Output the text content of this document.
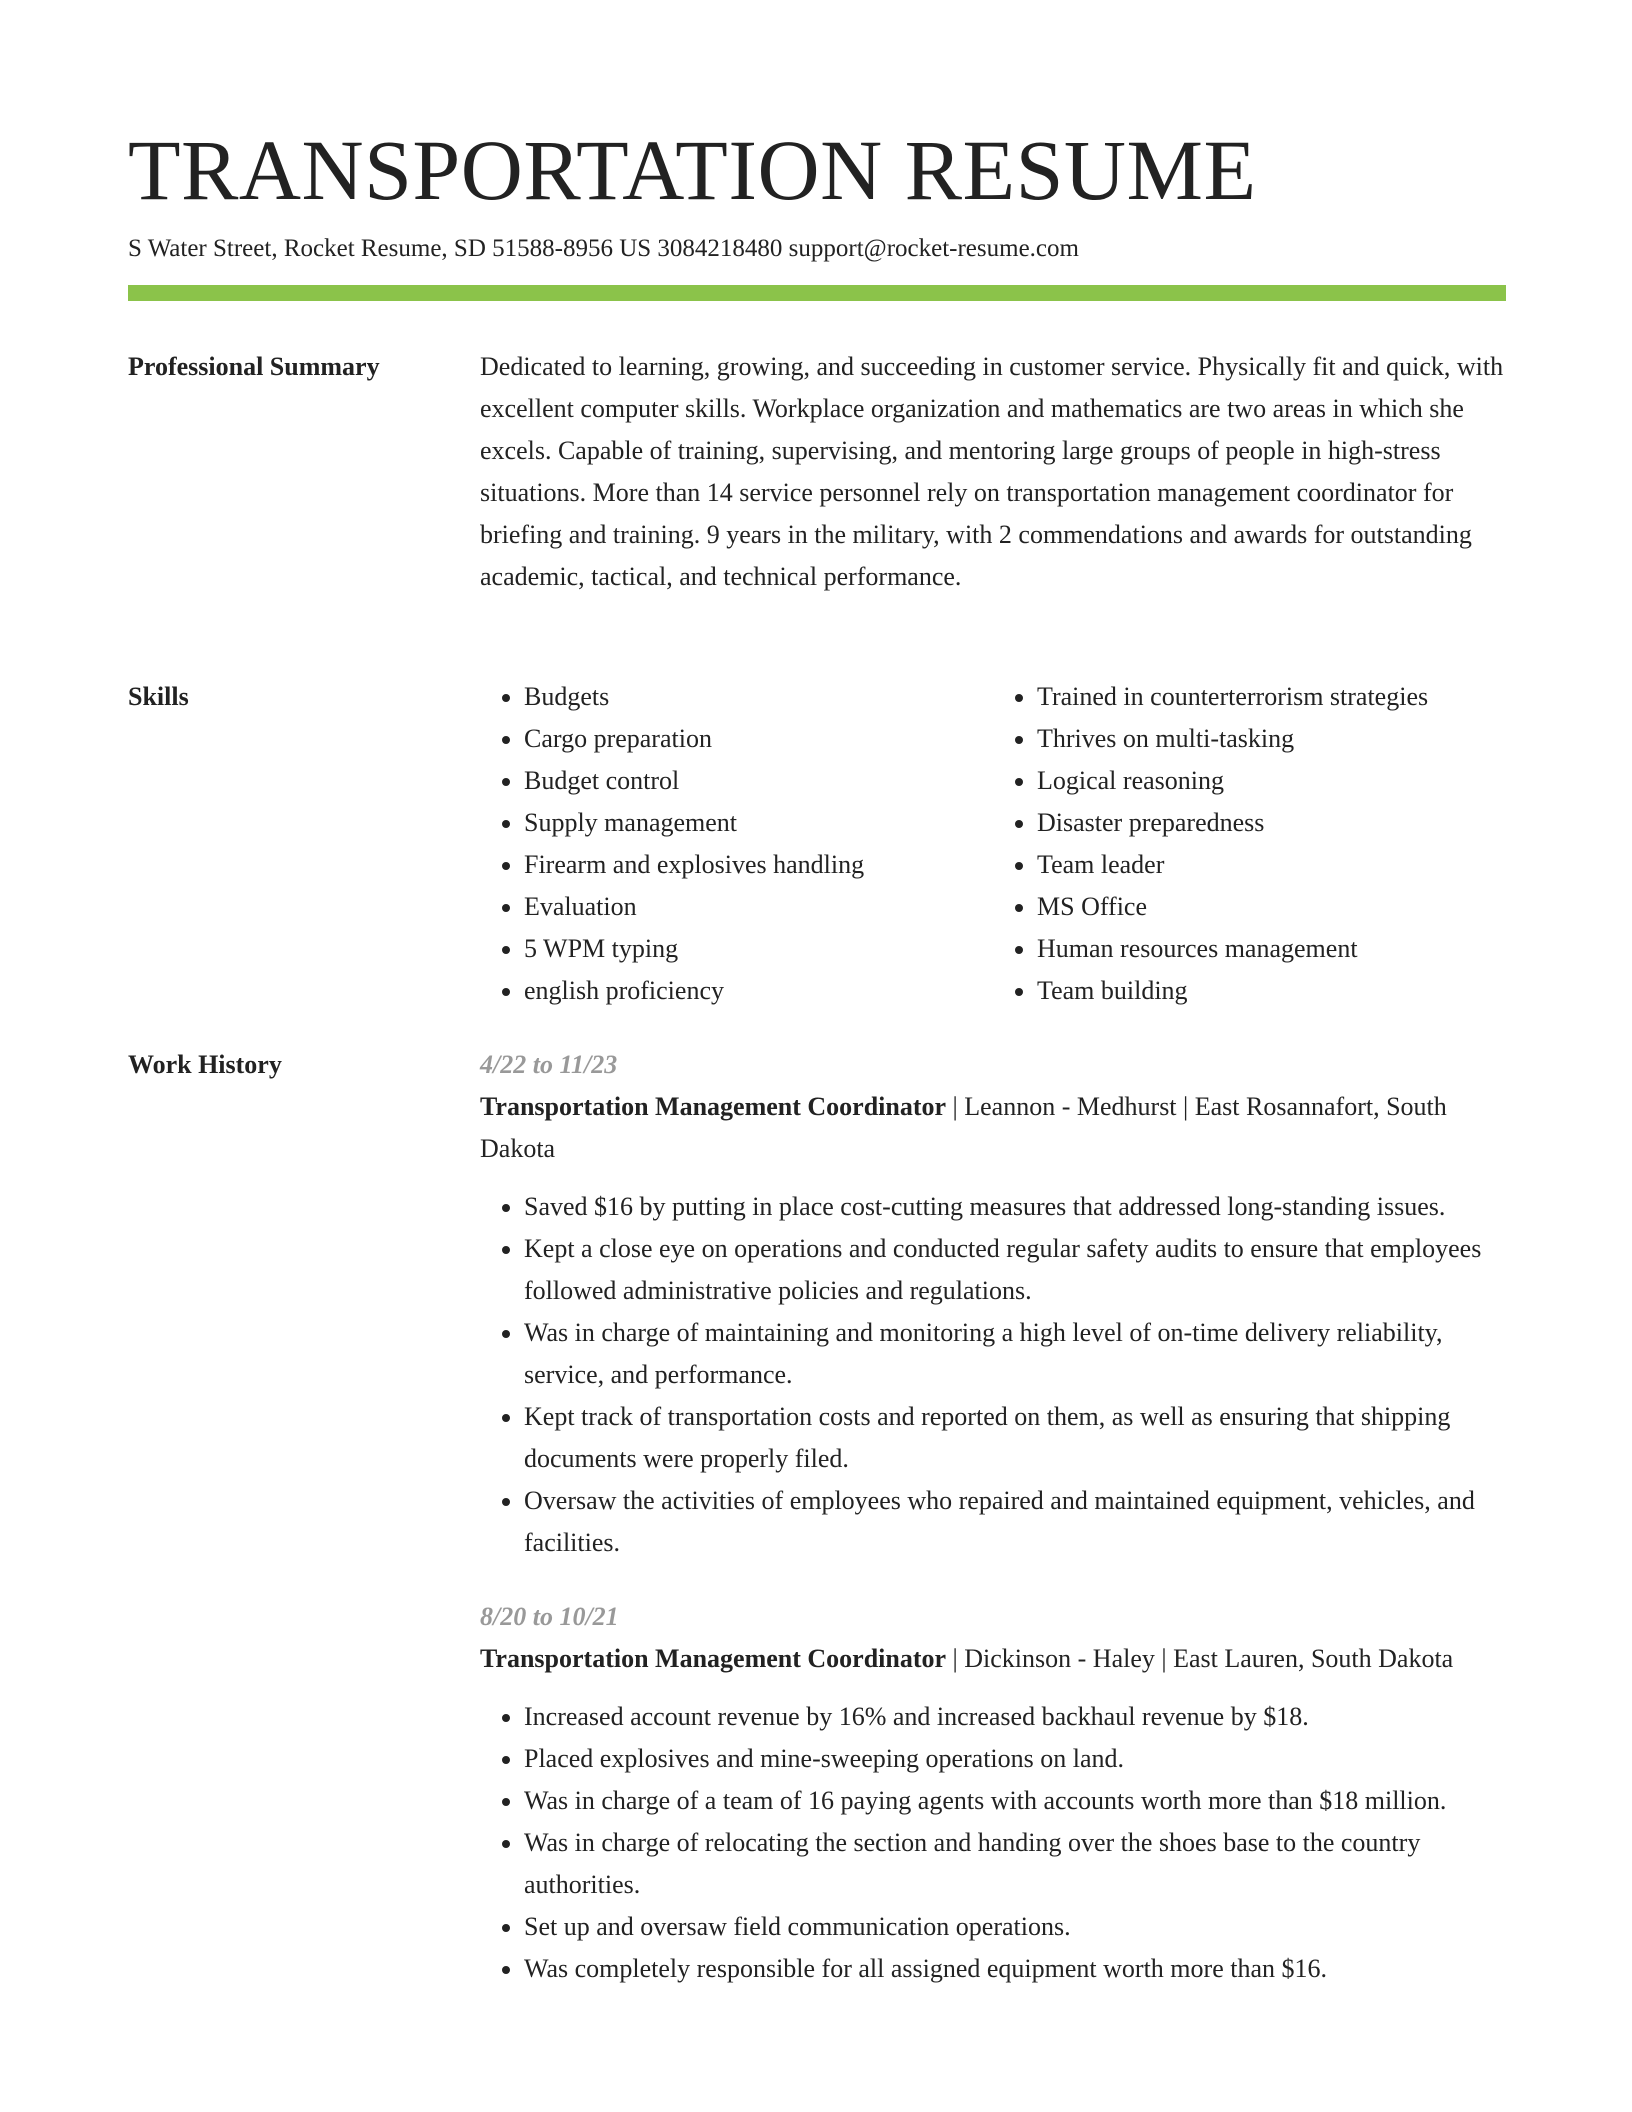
TRANSPORTATION RESUME
S Water Street, Rocket Resume, SD 51588-8956 US 3084218480 support@rocket-resume.com
Professional Summary	Dedicated to learning, growing, and succeeding in customer service. Physically fit and quick, with excellent computer skills. Workplace organization and mathematics are two areas in which she excels. Capable of training, supervising, and mentoring large groups of people in high-stress situations. More than 14 service personnel rely on transportation management coordinator for briefing and training. 9 years in the military, with 2 commendations and awards for outstanding academic, tactical, and technical performance.

Skills
•	Budgets
• Cargo preparation
• Budget control
• Supply management
• Firearm and explosives handling
• Evaluation
• 5 WPM typing
• english proficiency
• Trained in counterterrorism strategies
• Thrives on multi-tasking
• Logical reasoning
• Disaster preparedness
• Team leader
• MS Office
• Human resources management
• Team building
Work History	4/22 to 11/23
Transportation Management Coordinator | Leannon - Medhurst | East Rosannafort, South Dakota
• Saved $16 by putting in place cost-cutting measures that addressed long-standing issues.
• Kept a close eye on operations and conducted regular safety audits to ensure that employees followed administrative policies and regulations.
• Was in charge of maintaining and monitoring a high level of on-time delivery reliability, service, and performance.
• Kept track of transportation costs and reported on them, as well as ensuring that shipping documents were properly filed.
• Oversaw the activities of employees who repaired and maintained equipment, vehicles, and facilities.
8/20 to 10/21
Transportation Management Coordinator | Dickinson - Haley | East Lauren, South Dakota
• Increased account revenue by 16% and increased backhaul revenue by $18.
• Placed explosives and mine-sweeping operations on land.
• Was in charge of a team of 16 paying agents with accounts worth more than $18 million.
• Was in charge of relocating the section and handing over the shoes base to the country authorities.
• Set up and oversaw field communication operations.
• Was completely responsible for all assigned equipment worth more than $16.
